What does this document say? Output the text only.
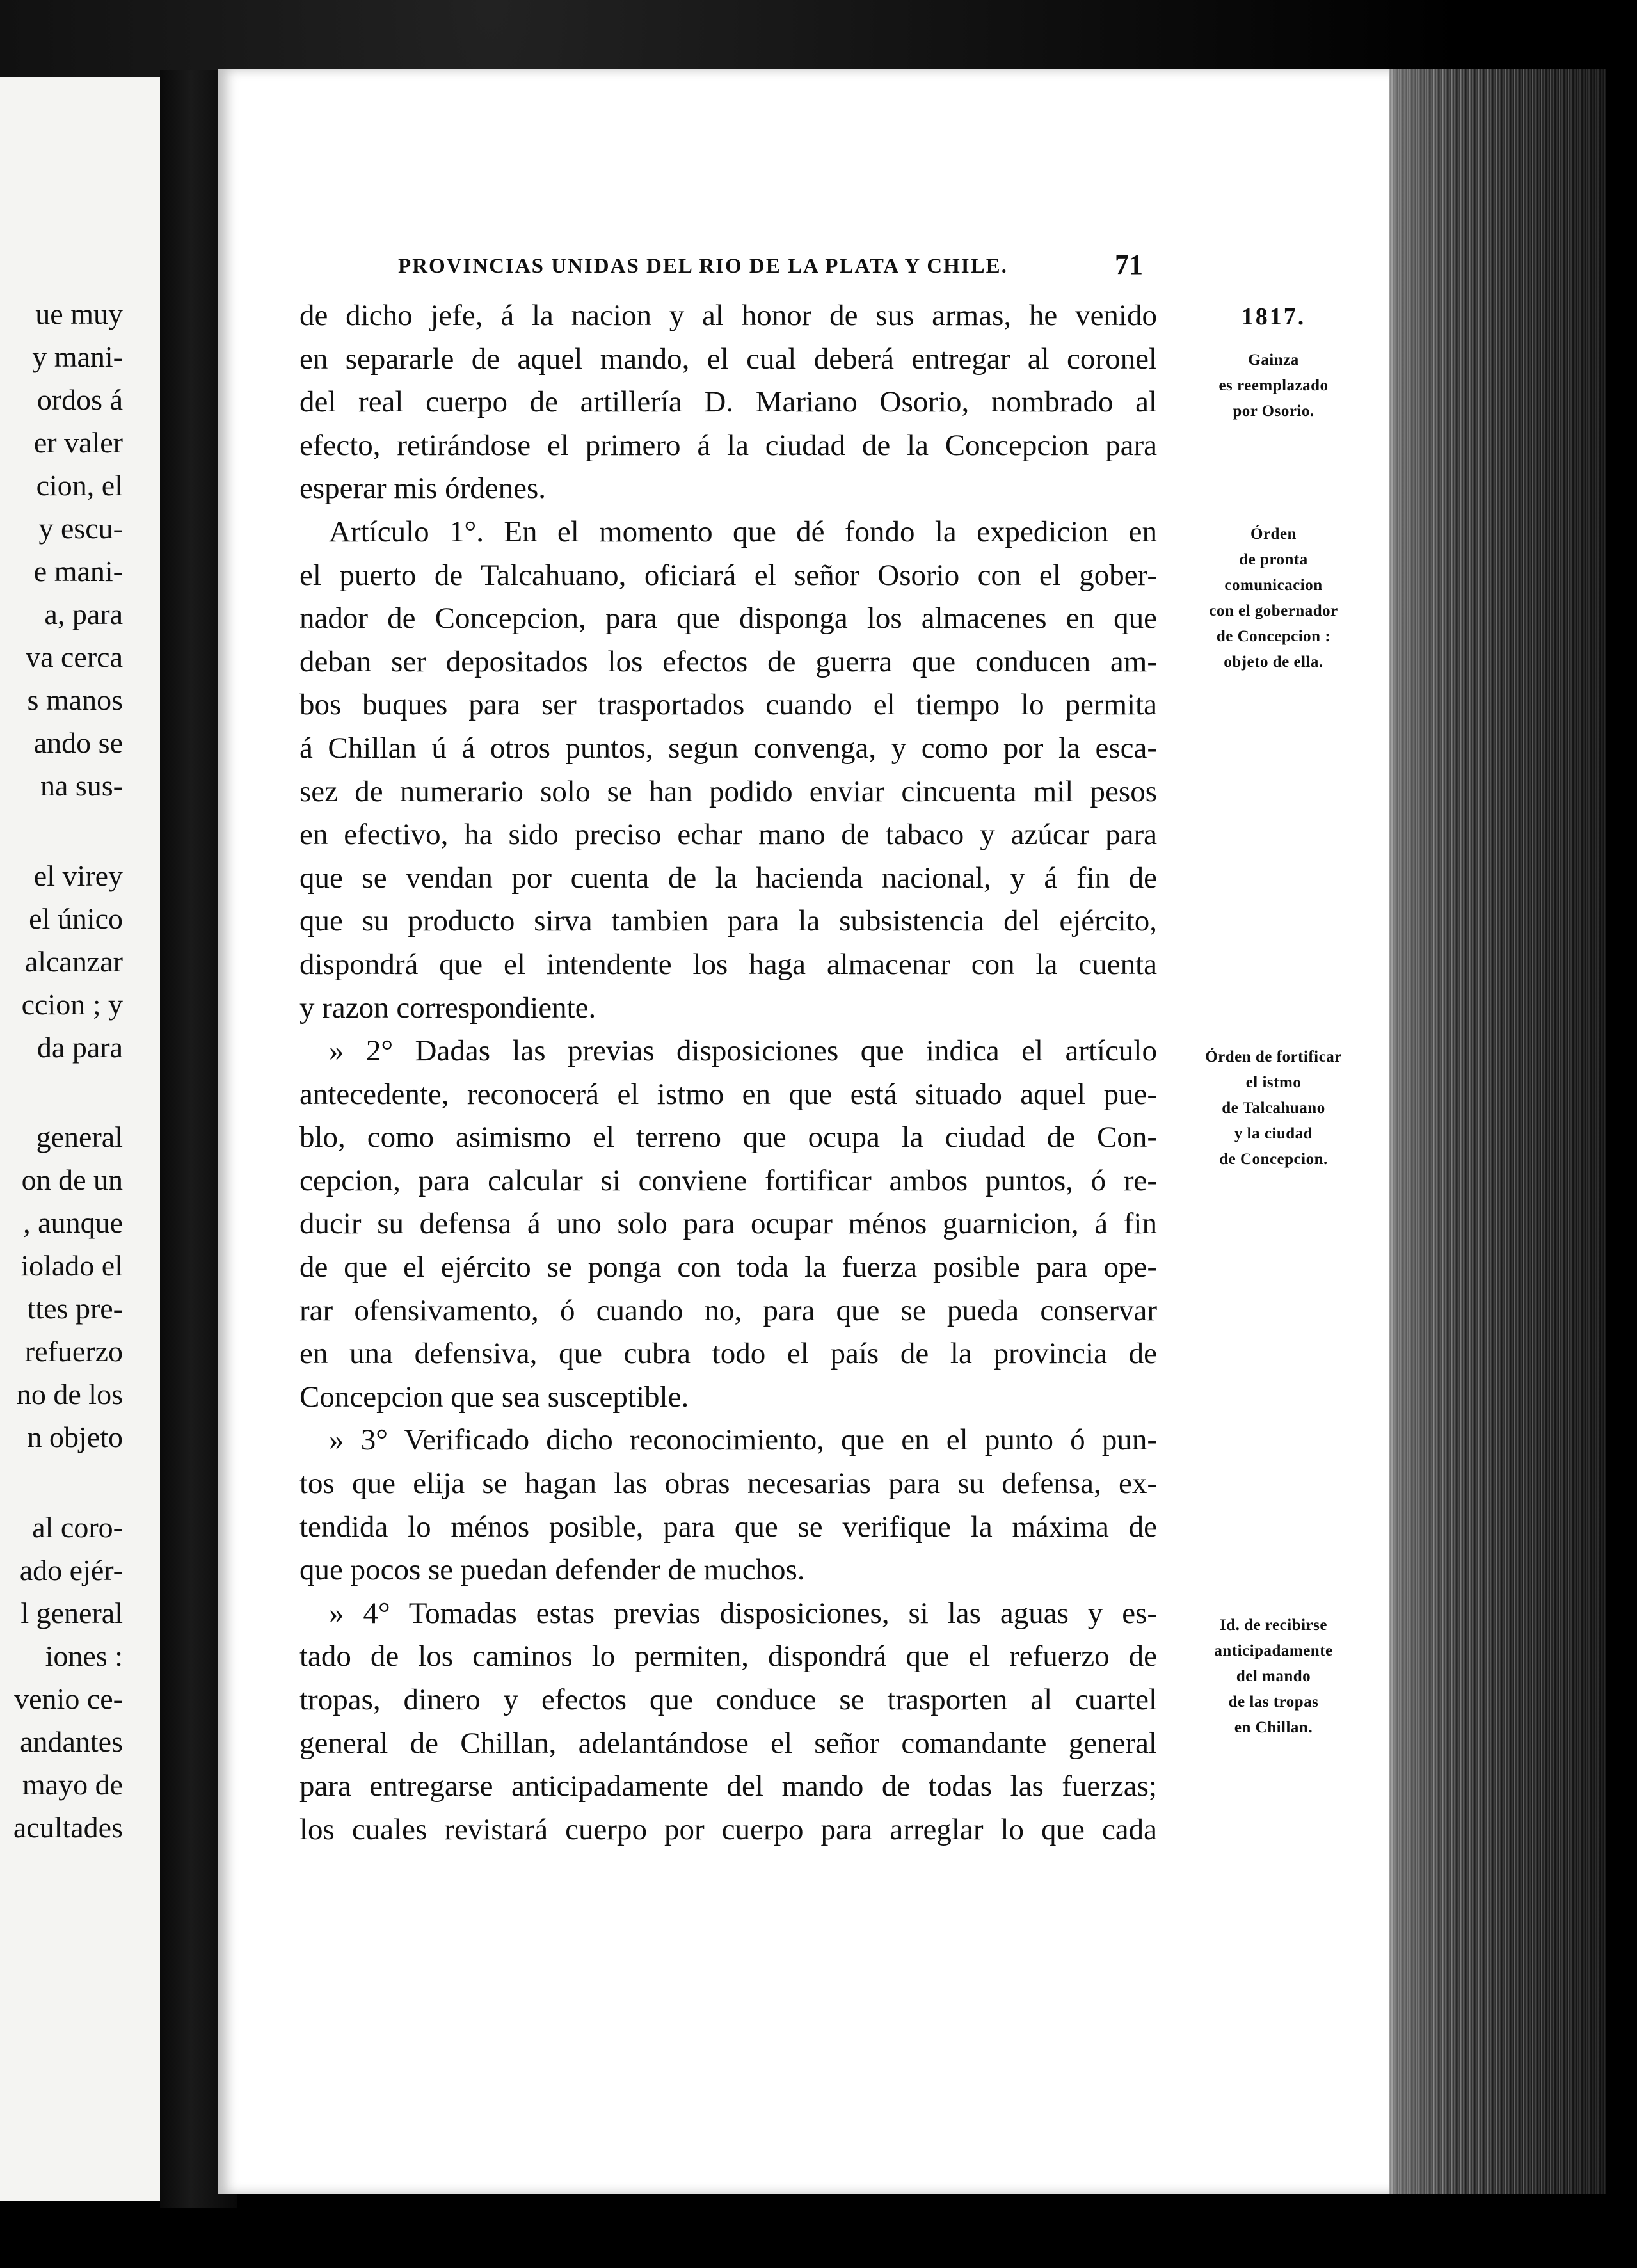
ue muy
y mani-
ordos á
er valer
cion, el
y escu-
e mani-
a, para
va cerca
s manos
ando se
na sus-
el virey
el único
alcanzar
ccion ; y
da para
general
on de un
, aunque
iolado el
ttes pre-
refuerzo
no de los
n objeto
al coro-
ado ejér-
l general
iones :
venio ce-
andantes
mayo de
acultades
PROVINCIAS UNIDAS DEL RIO DE LA PLATA Y CHILE.	71
de dicho jefe, á la nacion y al honor de sus armas, he venido
en separarle de aquel mando, el cual deberá entregar al coronel
del real cuerpo de artillería D. Mariano Osorio, nombrado al
efecto, retirándose el primero á la ciudad de la Concepcion para
esperar mis órdenes.
Artículo 1°. En el momento que dé fondo la expedicion en
el puerto de Talcahuano, oficiará el señor Osorio con el gober-
nador de Concepcion, para que disponga los almacenes en que
deban ser depositados los efectos de guerra que conducen am-
bos buques para ser trasportados cuando el tiempo lo permita
á Chillan ú á otros puntos, segun convenga, y como por la esca-
sez de numerario solo se han podido enviar cincuenta mil pesos
en efectivo, ha sido preciso echar mano de tabaco y azúcar para
que se vendan por cuenta de la hacienda nacional, y á fin de
que su producto sirva tambien para la subsistencia del ejército,
dispondrá que el intendente los haga almacenar con la cuenta
y razon correspondiente.
» 2° Dadas las previas disposiciones que indica el artículo
antecedente, reconocerá el istmo en que está situado aquel pue-
blo, como asimismo el terreno que ocupa la ciudad de Con-
cepcion, para calcular si conviene fortificar ambos puntos, ó re-
ducir su defensa á uno solo para ocupar ménos guarnicion, á fin
de que el ejército se ponga con toda la fuerza posible para ope-
rar ofensivamento, ó cuando no, para que se pueda conservar
en una defensiva, que cubra todo el país de la provincia de
Concepcion que sea susceptible.
» 3° Verificado dicho reconocimiento, que en el punto ó pun-
tos que elija se hagan las obras necesarias para su defensa, ex-
tendida lo ménos posible, para que se verifique la máxima de
que pocos se puedan defender de muchos.
» 4° Tomadas estas previas disposiciones, si las aguas y es-
tado de los caminos lo permiten, dispondrá que el refuerzo de
tropas, dinero y efectos que conduce se trasporten al cuartel
general de Chillan, adelantándose el señor comandante general
para entregarse anticipadamente del mando de todas las fuerzas;
los cuales revistará cuerpo por cuerpo para arreglar lo que cada
1817.
Gainza
es reemplazado
por Osorio.
Órden
de pronta
comunicacion
con el gobernador
de Concepcion :
objeto de ella.
Órden de fortificar
el istmo
de Talcahuano
y la ciudad
de Concepcion.
Id. de recibirse
anticipadamente
del mando
de las tropas
en Chillan.
